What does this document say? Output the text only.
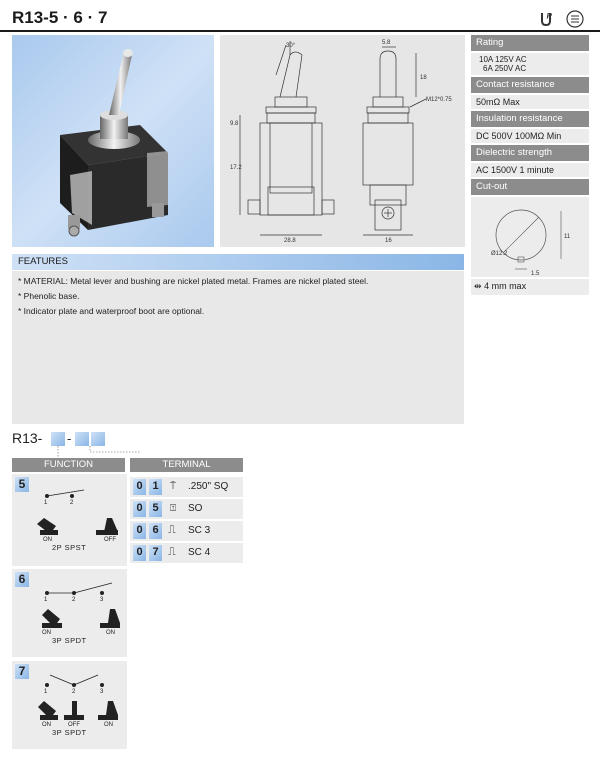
R13-5 · 6 · 7	ᴿ
30°	5.8
18
M12*0.75
9.8
17.2
28.8	16
Rating
10A 125V AC
6A 250V AC
Contact resistance
50mΩ Max
Insulation resistance
DC 500V 100MΩ Min
Dielectric strength
AC 1500V 1 minute
Cut-out
Ø12.2
11
1.5
⇹ 4 mm max
FEATURES
* MATERIAL: Metal lever and bushing are nickel plated metal. Frames are nickel plated steel.
* Phenolic base.
* Indicator plate and waterproof boot are optional.
R13- -
FUNCTION	TERMINAL
5
1	2
ON	OFF
2P SPST
6
1	2	3
ON	ON
3P SPDT
7
1	2	3
ON	OFF	ON
3P SPDT
0 1	⍑ .250" SQ
0 5	⍐ SO
0 6 ⎍ SC 3
0 7 ⎍ SC 4
